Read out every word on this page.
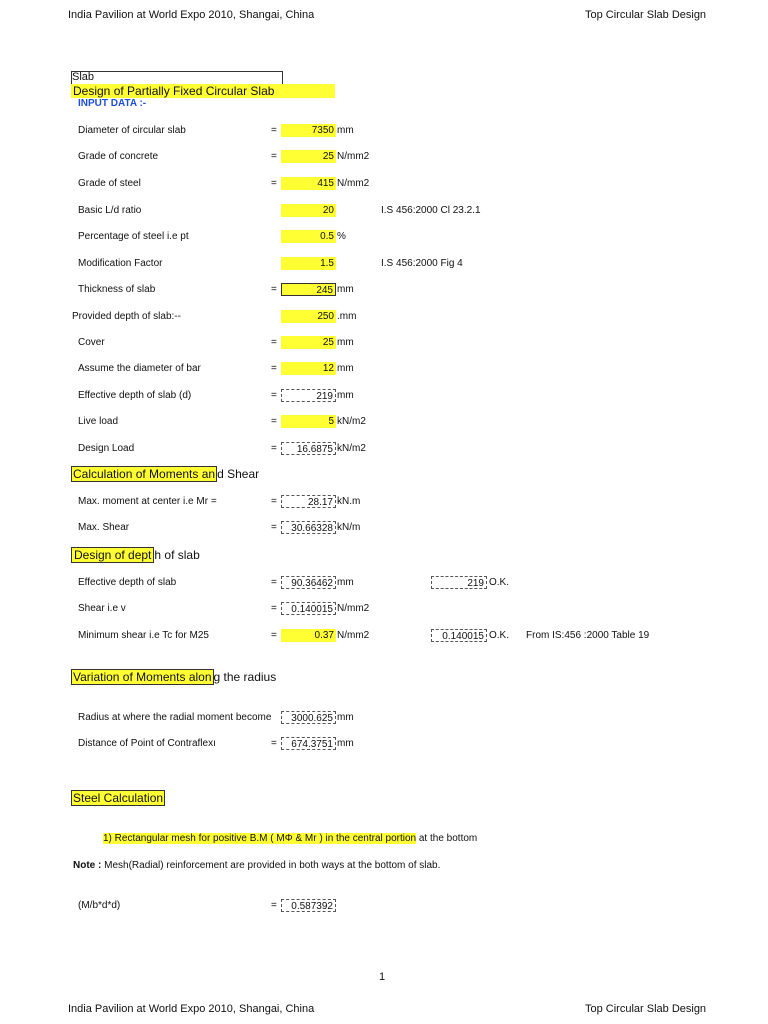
India Pavilion at World Expo 2010, Shangai, China	Top Circular Slab Design
Slab
Design of Partially Fixed Circular Slab
INPUT DATA :-
Diameter of circular slab	=	7350 mm
Grade of concrete	=	25 N/mm2
Grade of steel	=	415 N/mm2
Basic L/d ratio	20	I.S 456:2000 Cl 23.2.1
Percentage of steel i.e pt	0.5 %
Modification Factor	1.5	I.S 456:2000 Fig 4
Thickness of slab	=	245 mm
Provided depth of slab:--	250 .mm
Cover	=	25 mm
Assume the diameter of bar	=	12 mm
Effective depth of slab (d)	=	219 mm
Live load	=	5 kN/m2
Design Load	=	16.6875 kN/m2
Calculation of Moments an d Shear
Max. moment at center i.e Mr =	=	28.17 kN.m
Max. Shear	=	30.66328 kN/m
Design of dept h of slab
Effective depth of slab	=	90.36462 mm	219 O.K.
Shear i.e v	=	0.140015 N/mm2
Minimum shear i.e Tc for M25	=	0.37 N/mm2	0.140015 O.K. From IS:456 :2000 Table 19
Variation of Moments alon g the radius
Radius at where the radial moment become	3000.625 mm
Distance of Point of Contraflexı	=	674.3751 mm
Steel Calculation
1) Rectangular mesh for positive B.M ( MΦ & Mr ) in the central portion at the bottom
Note : Mesh(Radial) reinforcement are provided in both ways at the bottom of slab.
(M/b*d*d)	=	0.587392
1
India Pavilion at World Expo 2010, Shangai, China	Top Circular Slab Design
